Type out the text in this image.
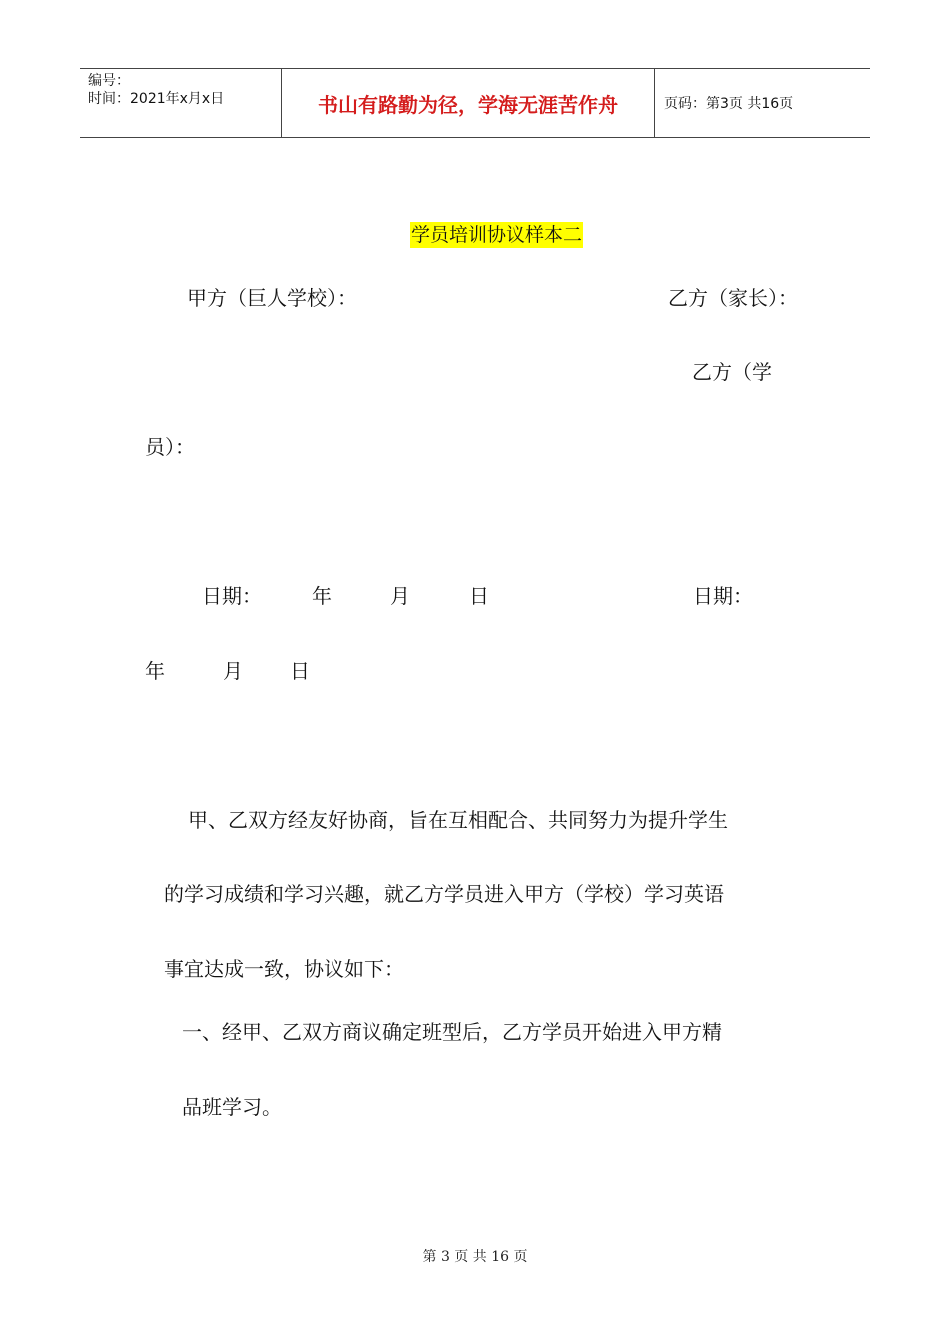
编号：
时间：2021年x月x日	书山有路勤为径，学海无涯苦作舟	页码：第3页 共16页
学员培训协议样本二
甲方（巨人学校）：	乙方（家长）：
乙方（学
员）：
日期：	年	月	日	日期：
年	月 日
甲、乙双方经友好协商，旨在互相配合、共同努力为提升学生
的学习成绩和学习兴趣，就乙方学员进入甲方（学校）学习英语
事宜达成一致，协议如下：
一、经甲、乙双方商议确定班型后，乙方学员开始进入甲方精
品班学习。
第 3 页 共 16 页
